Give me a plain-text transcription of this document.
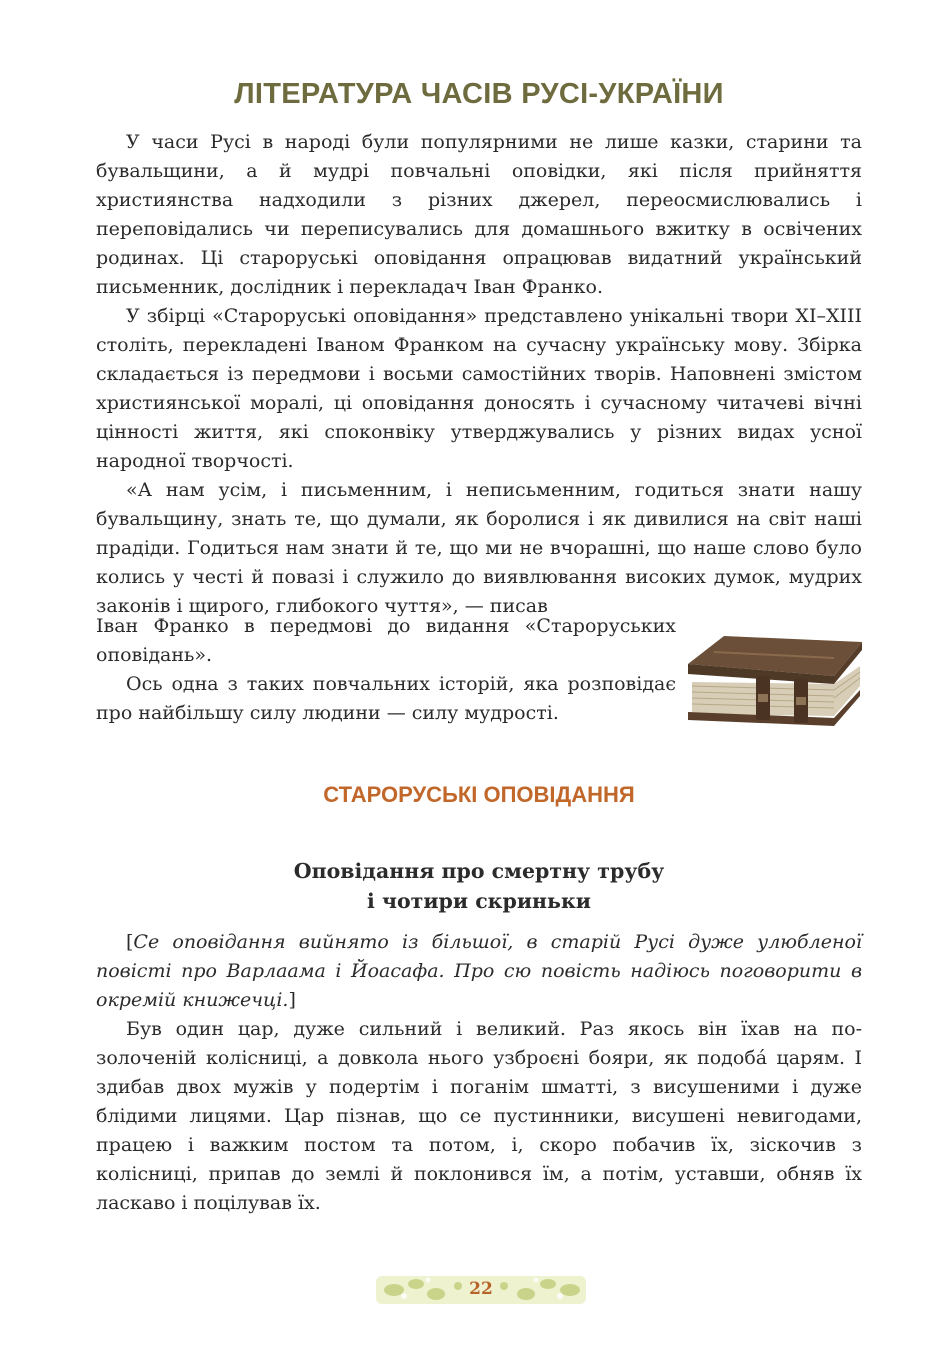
ЛІТЕРАТУРА ЧАСІВ РУСІ-УКРАЇНИ

У часи Русі в народі були популярними не лише казки, старини та бувальщини, а й мудрі повчальні оповідки, які після прийняття християнства надходили з різних джерел, переосмислювались і переповідались чи переписувались для домашнього вжитку в освічених родинах. Ці староруські оповідання опрацював видатний український письменник, дослідник і перекладач Іван Франко.

У збірці «Староруські оповідання» представлено унікальні твори XI–XIII століть, перекладені Іваном Франком на сучасну українську мову. Збірка складається із передмови і восьми самостійних творів. Наповнені змістом християнської моралі, ці оповідання доносять і сучасному читачеві вічні цінності життя, які споконвіку утверджувались у різних видах усної народної творчості.

«А нам усім, і письменним, і неписьменним, годиться знати нашу бувальщину, знать те, що думали, як боролися і як дивилися на світ наші прадіди. Годиться нам знати й те, що ми не вчорашні, що наше слово було колись у честі й повазі і служило до виявлювання високих думок, мудрих законів і щирого, глибокого чуття», — писав

Іван Франко в передмові до видання «Староруських оповідань».

Ось одна з таких повчальних історій, яка розповідає про найбільшу силу людини — силу мудрості.

СТАРОРУСЬКІ ОПОВІДАННЯ
Оповідання про смертну трубу
і чотири скриньки

[Се оповідання вийнято із більшої, в старій Русі дуже улюбленої повісті про Варлаама і Йоасафа. Про сю повість надіюсь поговорити в окремій книжечці.]

Був один цар, дуже сильний і великий. Раз якось він їхав на позолоченій колісниці, а довкола нього узброєні бояри, як подоба́ царям. І здибав двох мужів у подертім і поганім шматті, з висушеними і дуже блідими лицями. Цар пізнав, що се пустинники, висушені невигодами, працею і важким постом та потом, і, скоро побачив їх, зіскочив з колісниці, припав до землі й поклонився їм, а потім, уставши, обняв їх ласкаво і поцілував їх.

22
